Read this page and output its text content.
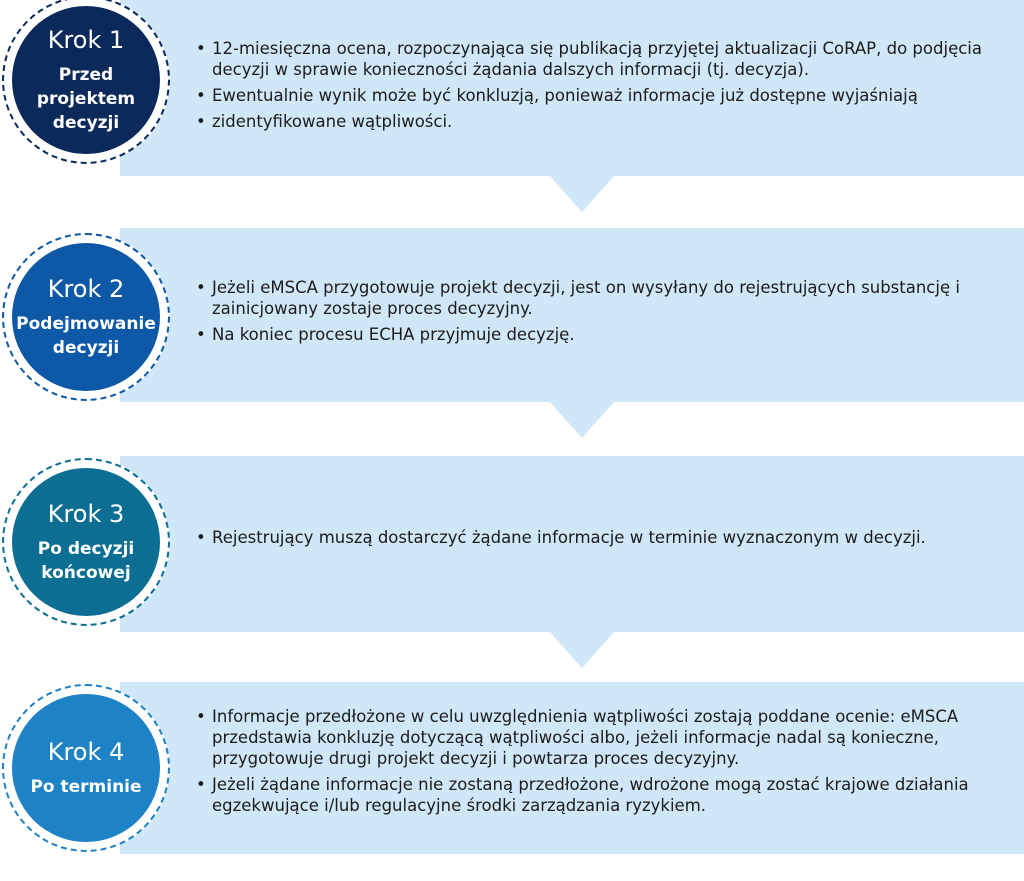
Krok 1
Przed projektem decyzji
• 12-miesięczna ocena, rozpoczynająca się publikacją przyjętej aktualizacji CoRAP, do podjęcia decyzji w sprawie konieczności żądania dalszych informacji (tj. decyzja).
• Ewentualnie wynik może być konkluzją, ponieważ informacje już dostępne wyjaśniają
• zidentyfikowane wątpliwości.
Krok 2
Podejmowanie decyzji
• Jeżeli eMSCA przygotowuje projekt decyzji, jest on wysyłany do rejestrujących substancję i zainicjowany zostaje proces decyzyjny.
• Na koniec procesu ECHA przyjmuje decyzję.
Krok 3
Po decyzji końcowej
• Rejestrujący muszą dostarczyć żądane informacje w terminie wyznaczonym w decyzji.
Krok 4
Po terminie
• Informacje przedłożone w celu uwzględnienia wątpliwości zostają poddane ocenie: eMSCA przedstawia konkluzję dotyczącą wątpliwości albo, jeżeli informacje nadal są konieczne, przygotowuje drugi projekt decyzji i powtarza proces decyzyjny.
• Jeżeli żądane informacje nie zostaną przedłożone, wdrożone mogą zostać krajowe działania egzekwujące i/lub regulacyjne środki zarządzania ryzykiem.
